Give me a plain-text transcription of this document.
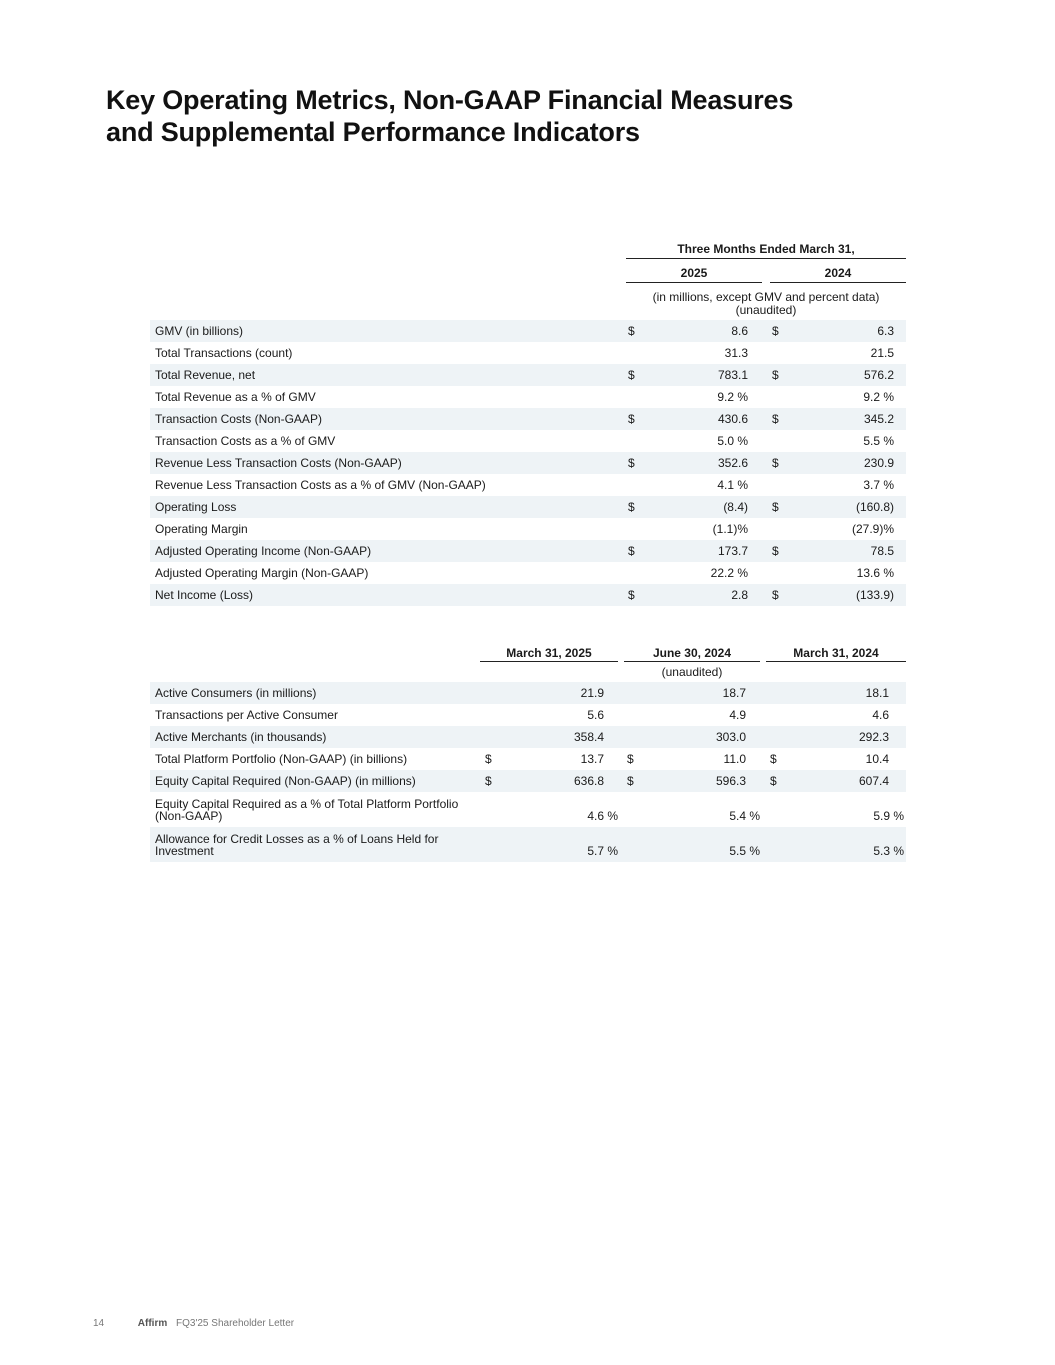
Key Operating Metrics, Non-GAAP Financial Measures
and Supplemental Performance Indicators
Three Months Ended March 31,
2025	2024
(in millions, except GMV and percent data)
(unaudited)
GMV (in billions)	$	8.6 $	6.3
Total Transactions (count)	31.3	21.5
Total Revenue, net	$	783.1 $	576.2
Total Revenue as a % of GMV	9.2 %	9.2 %
Transaction Costs (Non-GAAP)	$	430.6 $	345.2
Transaction Costs as a % of GMV	5.0 %	5.5 %
Revenue Less Transaction Costs (Non-GAAP)	$	352.6 $	230.9
Revenue Less Transaction Costs as a % of GMV (Non-GAAP)	4.1 %	3.7 %
Operating Loss	$	(8.4) $	(160.8)
Operating Margin	(1.1)%	(27.9)%
Adjusted Operating Income (Non-GAAP)	$	173.7 $	78.5
Adjusted Operating Margin (Non-GAAP)	22.2 %	13.6 %
Net Income (Loss)	$	2.8 $	(133.9)
March 31, 2025	June 30, 2024	March 31, 2024
(unaudited)
Active Consumers (in millions)	21.9	18.7	18.1
Transactions per Active Consumer	5.6	4.9	4.6
Active Merchants (in thousands)	358.4	303.0	292.3
Total Platform Portfolio (Non-GAAP) (in billions)	$	13.7 $	11.0 $	10.4
Equity Capital Required (Non-GAAP) (in millions)	$	636.8 $	596.3 $	607.4
Equity Capital Required as a % of Total Platform Portfolio (Non-GAAP)	4.6 %	5.4 %	5.9 %
Allowance for Credit Losses as a % of Loans Held for Investment	5.7 %	5.5 %	5.3 %
14	Affirm FQ3'25 Shareholder Letter
